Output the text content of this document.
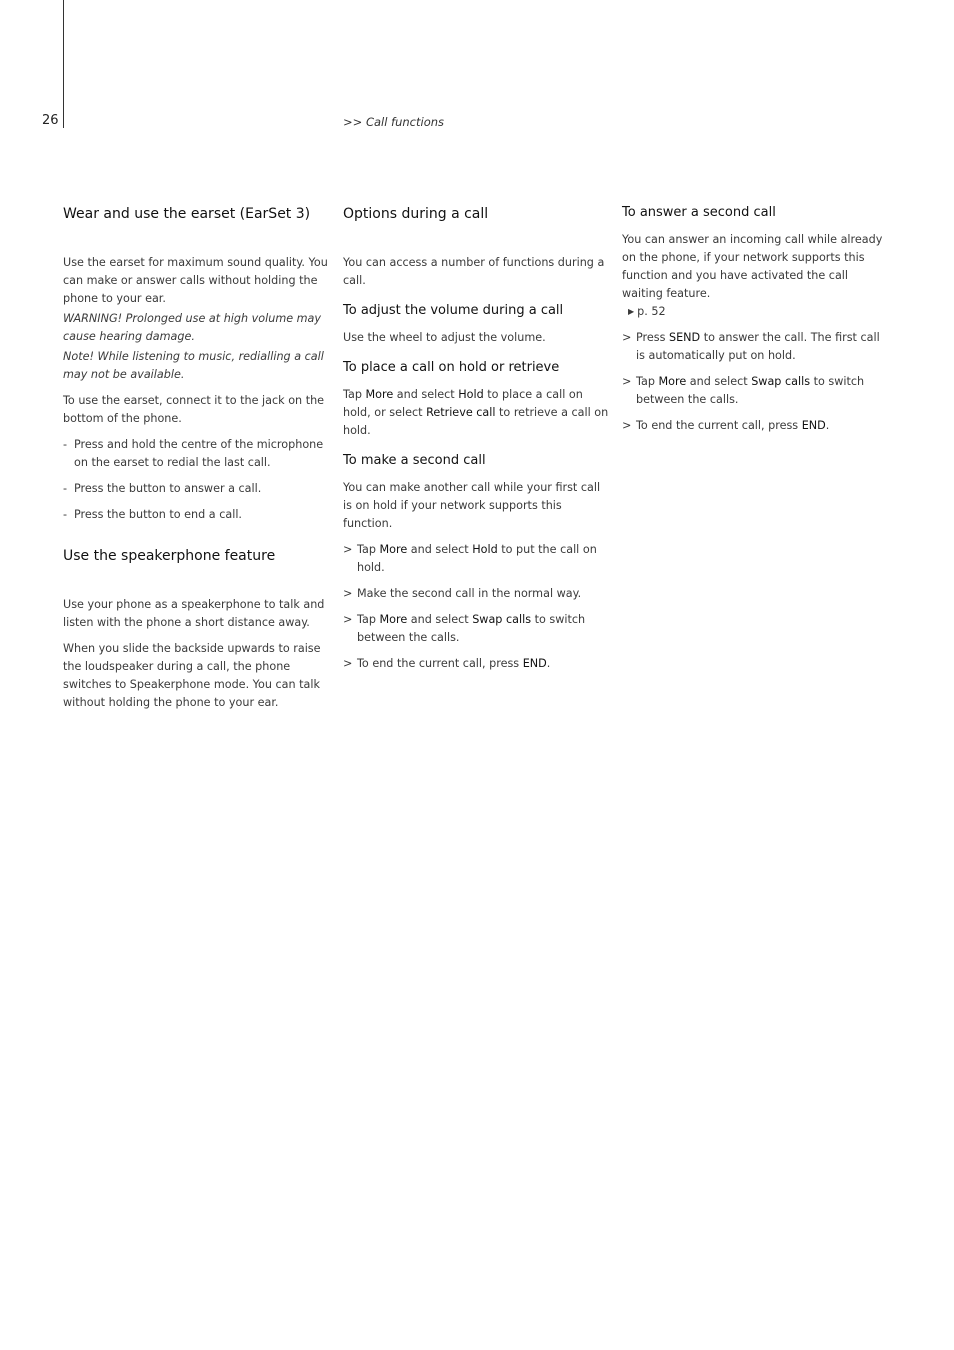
26	>> Call functions
Wear and use the earset (EarSet 3)

Use the earset for maximum sound quality. You can make or answer calls without holding the phone to your ear.

WARNING! Prolonged use at high volume may cause hearing damage.

Note! While listening to music, redialling a call may not be available.

To use the earset, connect it to the jack on the bottom of the phone.

- Press and hold the centre of the microphone on the earset to redial the last call.
- Press the button to answer a call.
- Press the button to end a call.
Use the speakerphone feature

Use your phone as a speakerphone to talk and listen with the phone a short distance away.

When you slide the backside upwards to raise the loudspeaker during a call, the phone switches to Speakerphone mode. You can talk without holding the phone to your ear.

Options during a call

You can access a number of functions during a call.

To adjust the volume during a call

Use the wheel to adjust the volume.

To place a call on hold or retrieve

Tap More and select Hold to place a call on hold, or select Retrieve call to retrieve a call on hold.

To make a second call

You can make another call while your first call is on hold if your network supports this function.

> Tap More and select Hold to put the call on hold.
> Make the second call in the normal way.
> Tap More and select Swap calls to switch between the calls.
> To end the current call, press END.
To answer a second call

You can answer an incoming call while already on the phone, if your network supports this function and you have activated the call waiting feature.

▶ p. 52
> Press SEND to answer the call. The first call is automatically put on hold.
> Tap More and select Swap calls to switch between the calls.
> To end the current call, press END.
